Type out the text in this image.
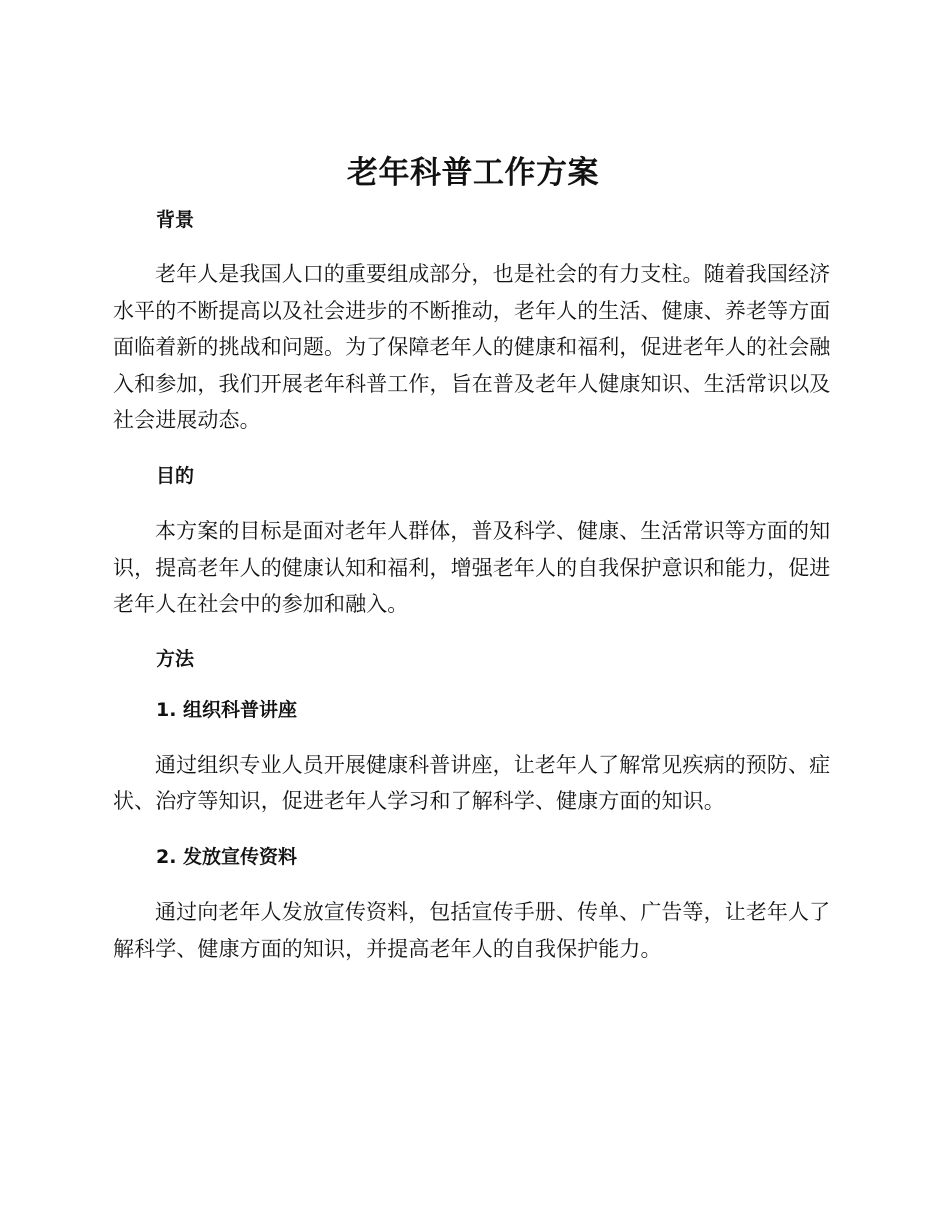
老年科普工作方案
背景

老年人是我国人口的重要组成部分，也是社会的有力支柱。随着我国经济水平的不断提高以及社会进步的不断推动，老年人的生活、健康、养老等方面面临着新的挑战和问题。为了保障老年人的健康和福利，促进老年人的社会融入和参加，我们开展老年科普工作，旨在普及老年人健康知识、生活常识以及社会进展动态。

目的

本方案的目标是面对老年人群体，普及科学、健康、生活常识等方面的知识，提高老年人的健康认知和福利，增强老年人的自我保护意识和能力，促进老年人在社会中的参加和融入。

方法
1. 组织科普讲座

通过组织专业人员开展健康科普讲座，让老年人了解常见疾病的预防、症状、治疗等知识，促进老年人学习和了解科学、健康方面的知识。

2. 发放宣传资料

通过向老年人发放宣传资料，包括宣传手册、传单、广告等，让老年人了解科学、健康方面的知识，并提高老年人的自我保护能力。
